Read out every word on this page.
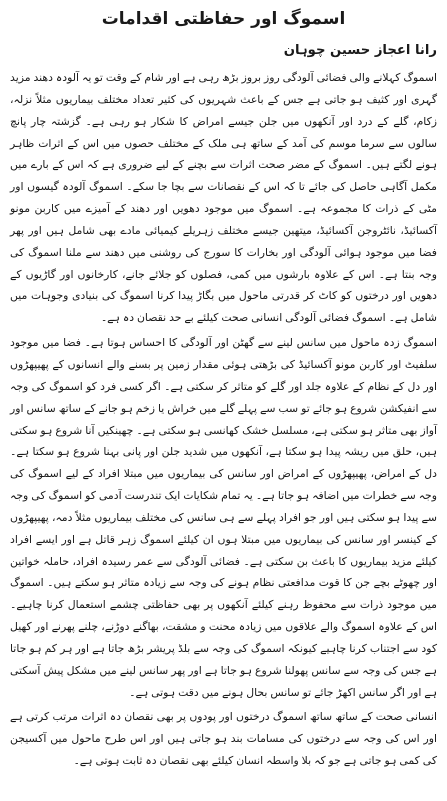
اسموگ اور حفاظتی اقدامات
رانا اعجاز حسین چوہان

اسموگ کہلانے والی فضائی آلودگی روز بروز بڑھ رہی ہے اور شام کے وقت تو یہ آلودہ دھند مزید گہری اور کثیف ہو جاتی ہے جس کے باعث شہریوں کی کثیر تعداد مختلف بیماریوں مثلاً نزلہ، زکام، گلے کے درد اور آنکھوں میں جلن جیسے امراض کا شکار ہو رہی ہے۔ گزشتہ چار پانچ سالوں سے سرما موسم کی آمد کے ساتھ ہی ملک کے مختلف حصوں میں اس کے اثرات ظاہر ہونے لگتے ہیں۔ اسموگ کے مضر صحت اثرات سے بچنے کے لیے ضروری ہے کہ اس کے بارے میں مکمل آگاہی حاصل کی جائے تا کہ اس کے نقصانات سے بچا جا سکے۔ اسموگ آلودہ گیسوں اور مٹی کے ذرات کا مجموعہ ہے۔ اسموگ میں موجود دھویں اور دھند کے آمیزے میں کاربن مونو آکسائیڈ، نائٹروجن آکسائیڈ، میتھین جیسے مختلف زہریلے کیمیائی مادے بھی شامل ہیں اور پھر فضا میں موجود ہوائی آلودگی اور بخارات کا سورج کی روشنی میں دھند سے ملنا اسموگ کی وجہ بنتا ہے۔ اس کے علاوہ بارشوں میں کمی، فصلوں کو جلائے جانے، کارخانوں اور گاڑیوں کے دھویں اور درختوں کو کاٹ کر قدرتی ماحول میں بگاڑ پیدا کرنا اسموگ کی بنیادی وجوہات میں شامل ہے۔ اسموگ فضائی آلودگی انسانی صحت کیلئے بے حد نقصان دہ ہے۔

اسموگ زدہ ماحول میں سانس لینے سے گھٹن اور آلودگی کا احساس ہوتا ہے۔ فضا میں موجود سلفیٹ اور کاربن مونو آکسائیڈ کی بڑھتی ہوئی مقدار زمین پر بسنے والے انسانوں کے پھیپھڑوں اور دل کے نظام کے علاوہ جلد اور گلے کو متاثر کر سکتی ہے۔ اگر کسی فرد کو اسموگ کی وجہ سے انفیکشن شروع ہو جائے تو سب سے پہلے گلے میں خراش یا زخم ہو جانے کے ساتھ سانس اور آواز بھی متاثر ہو سکتی ہے، مسلسل خشک کھانسی ہو سکتی ہے۔ چھینکیں آنا شروع ہو سکتی ہیں، حلق میں ریشہ پیدا ہو سکتا ہے، آنکھوں میں شدید جلن اور پانی بہنا شروع ہو سکتا ہے۔ دل کے امراض، پھیپھڑوں کے امراض اور سانس کی بیماریوں میں مبتلا افراد کے لیے اسموگ کی وجہ سے خطرات میں اضافہ ہو جاتا ہے۔ یہ تمام شکایات ایک تندرست آدمی کو اسموگ کی وجہ سے پیدا ہو سکتی ہیں اور جو افراد پہلے سے ہی سانس کی مختلف بیماریوں مثلاً دمہ، پھیپھڑوں کے کینسر اور سانس کی بیماریوں میں مبتلا ہوں ان کیلئے اسموگ زہر قاتل ہے اور ایسے افراد کیلئے مزید بیماریوں کا باعث بن سکتی ہے۔ فضائی آلودگی سے عمر رسیدہ افراد، حاملہ خواتین اور چھوٹے بچے جن کا قوت مدافعتی نظام ہونے کی وجہ سے زیادہ متاثر ہو سکتے ہیں۔ اسموگ میں موجود ذرات سے محفوظ رہنے کیلئے آنکھوں پر بھی حفاظتی چشمے استعمال کرنا چاہیے۔ اس کے علاوہ اسموگ والے علاقوں میں زیادہ محنت و مشقت، بھاگنے دوڑنے، چلنے پھرنے اور کھیل کود سے اجتناب کرنا چاہیے کیونکہ اسموگ کی وجہ سے بلڈ پریشر بڑھ جاتا ہے اور ہر کم ہو جاتا ہے جس کی وجہ سے سانس پھولنا شروع ہو جاتا ہے اور پھر سانس لینے میں مشکل پیش آسکتی ہے اور اگر سانس اکھڑ جائے تو سانس بحال ہونے میں دقت ہوتی ہے۔

انسانی صحت کے ساتھ ساتھ اسموگ درختوں اور پودوں پر بھی نقصان دہ اثرات مرتب کرتی ہے اور اس کی وجہ سے درختوں کی مسامات بند ہو جاتی ہیں اور اس طرح ماحول میں آکسیجن کی کمی ہو جاتی ہے جو کہ بلا واسطہ انسان کیلئے بھی نقصان دہ ثابت ہوتی ہے۔
